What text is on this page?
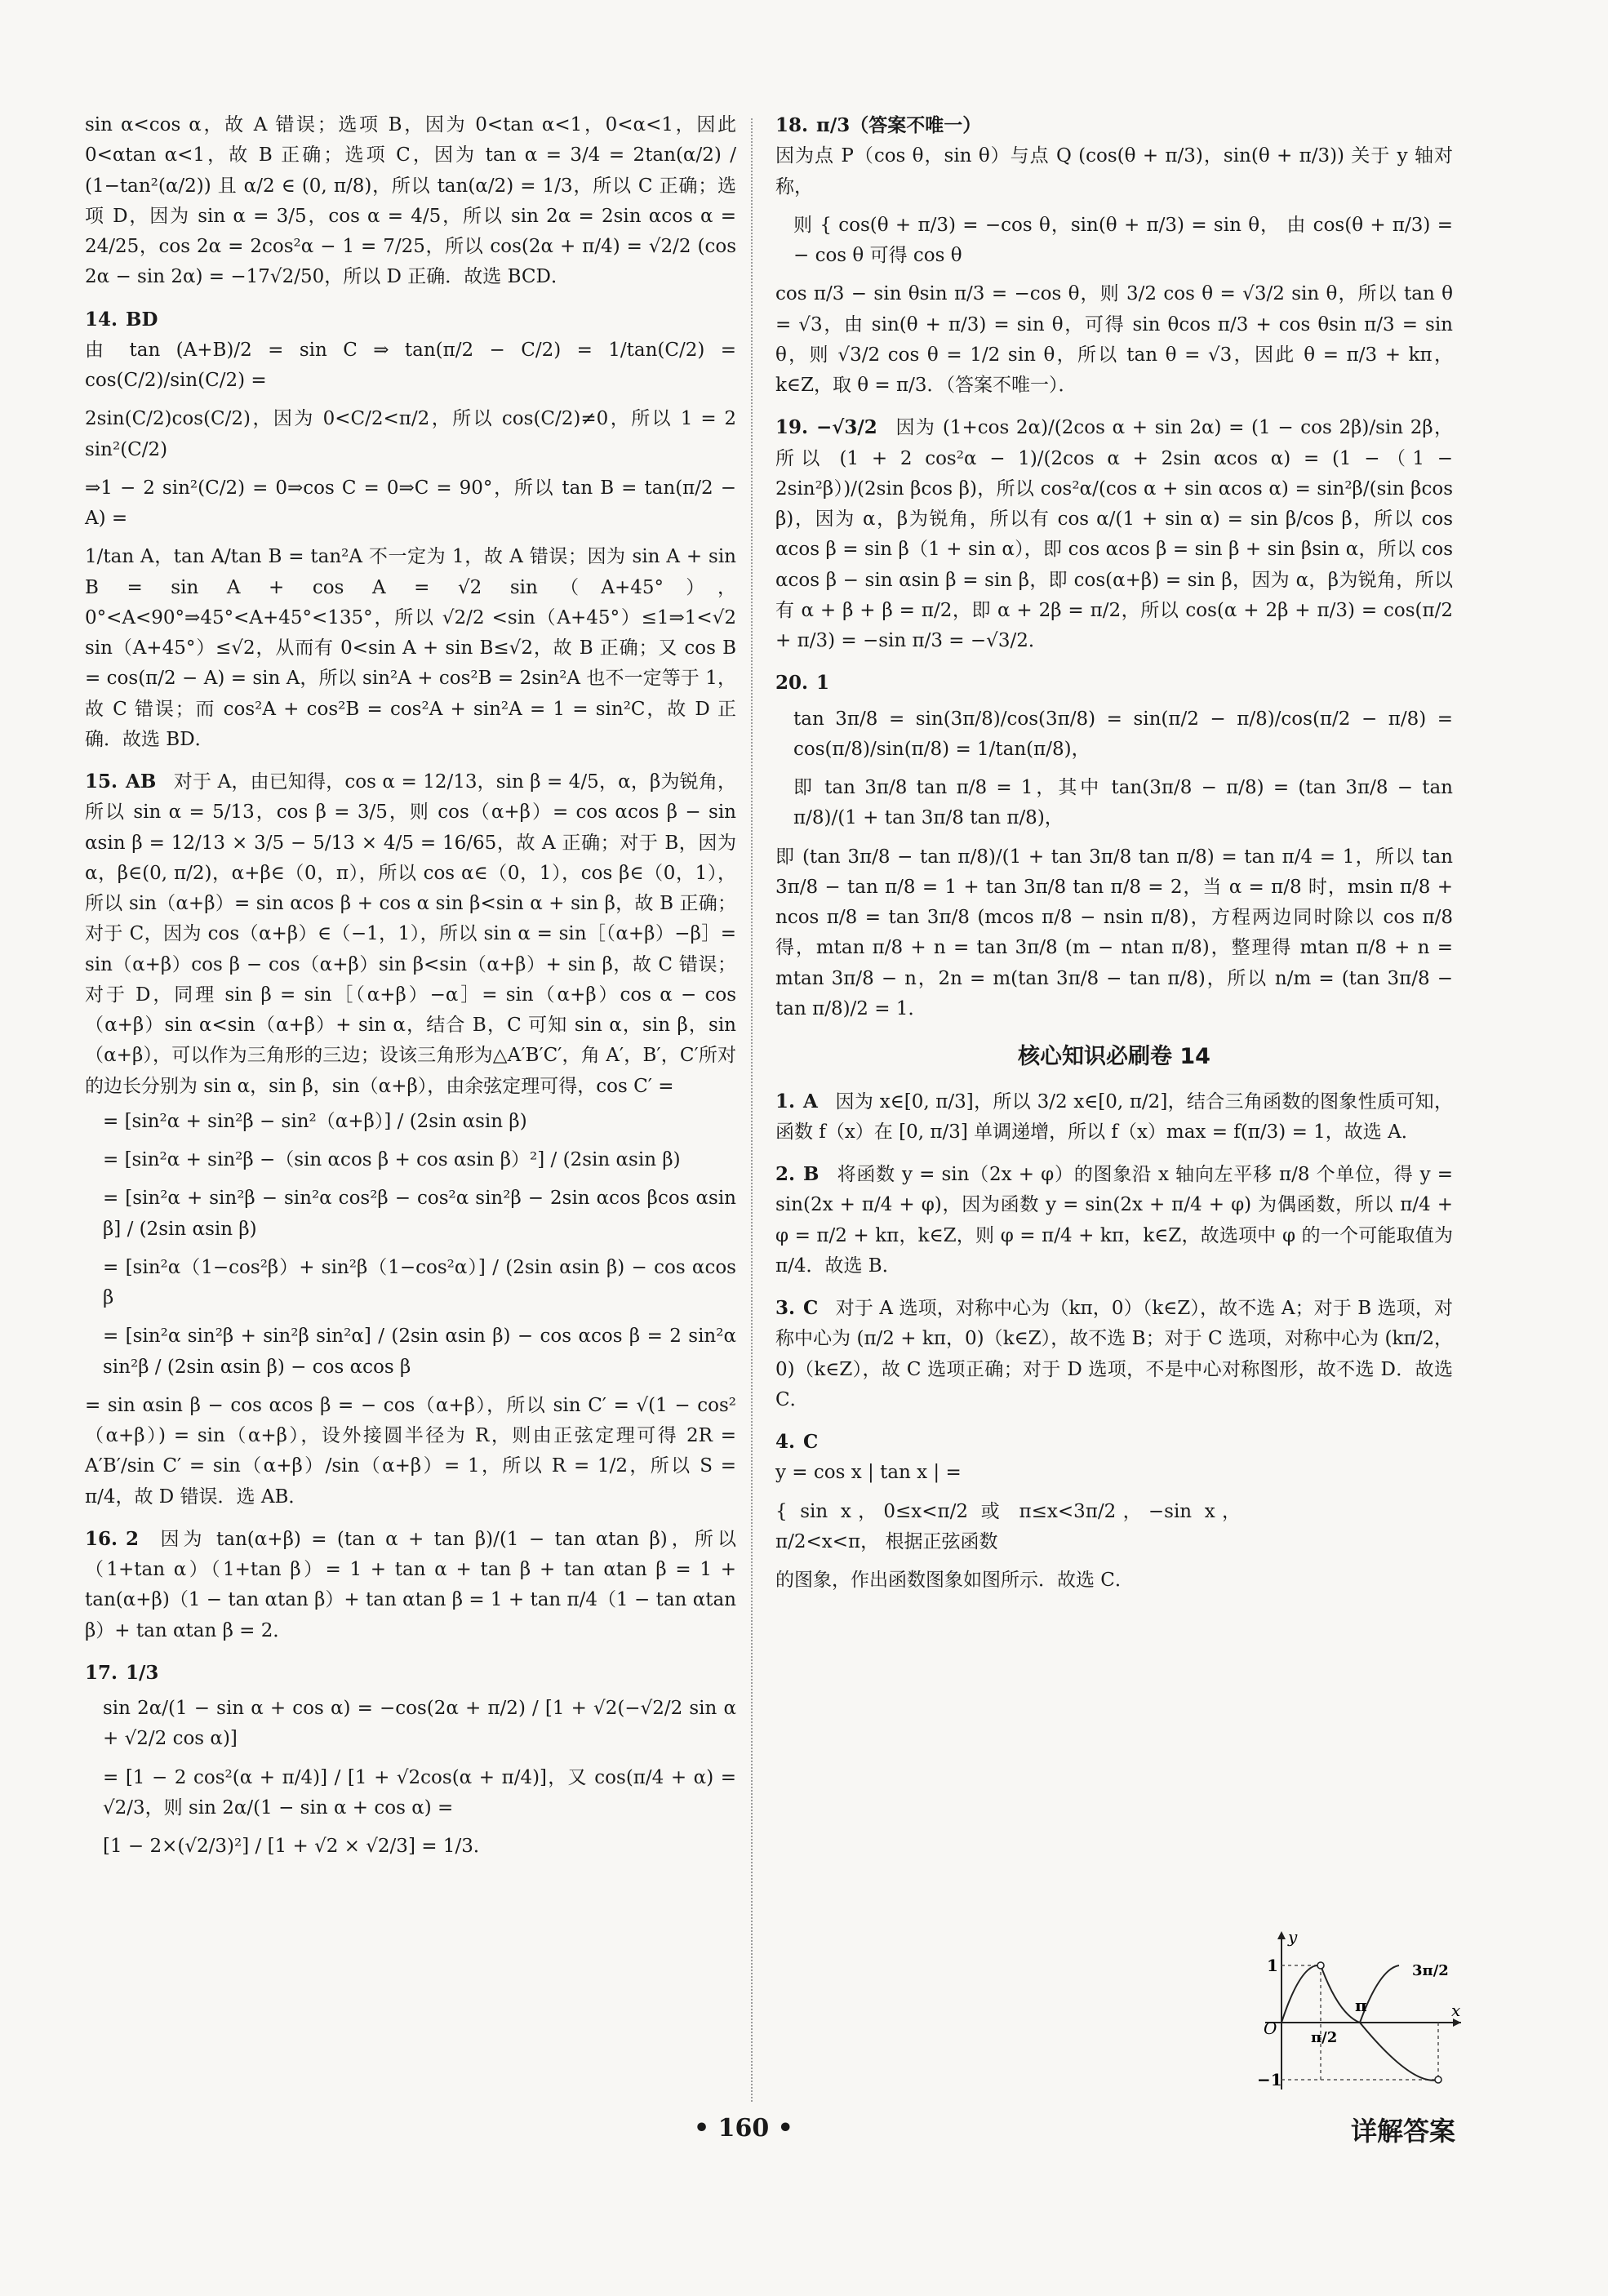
sin α<cos α，故 A 错误；选项 B，因为 0<tan α<1，0<α<1，因此 0<αtan α<1，故 B 正确；选项 C，因为 tan α = 3/4 = 2tan(α/2) / (1−tan²(α/2)) 且 α/2 ∈ (0, π/8)，所以 tan(α/2) = 1/3，所以 C 正确；选项 D，因为 sin α = 3/5，cos α = 4/5，所以 sin 2α = 2sin αcos α = 24/25，cos 2α = 2cos²α − 1 = 7/25，所以 cos(2α + π/4) = √2/2 (cos 2α − sin 2α) = −17√2/50，所以 D 正确．故选 BCD．

14. BD
由 tan (A+B)/2 = sin C ⇒ tan(π/2 − C/2) = 1/tan(C/2) = cos(C/2)/sin(C/2) =
2sin(C/2)cos(C/2)，因为 0<C/2<π/2，所以 cos(C/2)≠0，所以 1 = 2 sin²(C/2)
⇒1 − 2 sin²(C/2) = 0⇒cos C = 0⇒C = 90°，所以 tan B = tan(π/2 − A) =
1/tan A，tan A/tan B = tan²A 不一定为 1，故 A 错误；因为 sin A + sin B = sin A + cos A = √2 sin（A+45°），0°<A<90°⇒45°<A+45°<135°，所以 √2/2 <sin（A+45°）≤1⇒1<√2 sin（A+45°）≤√2，从而有 0<sin A + sin B≤√2，故 B 正确；又 cos B = cos(π/2 − A) = sin A，所以 sin²A + cos²B = 2sin²A 也不一定等于 1，故 C 错误；而 cos²A + cos²B = cos²A + sin²A = 1 = sin²C，故 D 正确．故选 BD．
15. AB 对于 A，由已知得，cos α = 12/13，sin β = 4/5，α，β为锐角，所以 sin α = 5/13，cos β = 3/5，则 cos（α+β）= cos αcos β − sin αsin β = 12/13 × 3/5 − 5/13 × 4/5 = 16/65，故 A 正确；对于 B，因为 α，β∈(0, π/2)，α+β∈（0，π），所以 cos α∈（0，1），cos β∈（0，1），所以 sin（α+β）= sin αcos β + cos α sin β<sin α + sin β，故 B 正确；对于 C，因为 cos（α+β）∈（−1，1），所以 sin α = sin［（α+β）−β］= sin（α+β）cos β − cos（α+β）sin β<sin（α+β）+ sin β，故 C 错误；对于 D，同理 sin β = sin［（α+β）−α］= sin（α+β）cos α − cos（α+β）sin α<sin（α+β）+ sin α，结合 B，C 可知 sin α，sin β，sin（α+β），可以作为三角形的三边；设该三角形为△A′B′C′，角 A′，B′，C′所对的边长分别为 sin α，sin β，sin（α+β），由余弦定理可得，cos C′ =
= [sin²α + sin²β − sin²（α+β）] / (2sin αsin β)
= [sin²α + sin²β −（sin αcos β + cos αsin β）²] / (2sin αsin β)
= [sin²α + sin²β − sin²α cos²β − cos²α sin²β − 2sin αcos βcos αsin β] / (2sin αsin β)
= [sin²α（1−cos²β）+ sin²β（1−cos²α）] / (2sin αsin β) − cos αcos β
= [sin²α sin²β + sin²β sin²α] / (2sin αsin β) − cos αcos β = 2 sin²α sin²β / (2sin αsin β) − cos αcos β
= sin αsin β − cos αcos β = − cos（α+β），所以 sin C′ = √(1 − cos²（α+β）) = sin（α+β），设外接圆半径为 R，则由正弦定理可得 2R = A′B′/sin C′ = sin（α+β）/sin（α+β）= 1，所以 R = 1/2，所以 S = π/4，故 D 错误．选 AB．
16. 2 因为 tan(α+β) = (tan α + tan β)/(1 − tan αtan β)，所以（1+tan α）（1+tan β）= 1 + tan α + tan β + tan αtan β = 1 + tan(α+β)（1 − tan αtan β）+ tan αtan β = 1 + tan π/4（1 − tan αtan β）+ tan αtan β = 2．
17. 1/3
sin 2α/(1 − sin α + cos α) = −cos(2α + π/2) / [1 + √2(−√2/2 sin α + √2/2 cos α)]
= [1 − 2 cos²(α + π/4)] / [1 + √2cos(α + π/4)]，又 cos(π/4 + α) = √2/3，则 sin 2α/(1 − sin α + cos α) =
[1 − 2×(√2/3)²] / [1 + √2 × √2/3] = 1/3．
18. π/3（答案不唯一）
因为点 P（cos θ，sin θ）与点 Q (cos(θ + π/3)，sin(θ + π/3)) 关于 y 轴对称，
则 { cos(θ + π/3) = −cos θ，sin(θ + π/3) = sin θ， 由 cos(θ + π/3) = − cos θ 可得 cos θ
cos π/3 − sin θsin π/3 = −cos θ，则 3/2 cos θ = √3/2 sin θ，所以 tan θ = √3，由 sin(θ + π/3) = sin θ，可得 sin θcos π/3 + cos θsin π/3 = sin θ，则 √3/2 cos θ = 1/2 sin θ，所以 tan θ = √3，因此 θ = π/3 + kπ，k∈Z，取 θ = π/3．（答案不唯一）．
19. −√3/2 因为 (1+cos 2α)/(2cos α + sin 2α) = (1 − cos 2β)/sin 2β，所以 (1 + 2 cos²α − 1)/(2cos α + 2sin αcos α) = (1 −（1 − 2sin²β）)/(2sin βcos β)，所以 cos²α/(cos α + sin αcos α) = sin²β/(sin βcos β)，因为 α，β为锐角，所以有 cos α/(1 + sin α) = sin β/cos β，所以 cos αcos β = sin β（1 + sin α），即 cos αcos β = sin β + sin βsin α，所以 cos αcos β − sin αsin β = sin β，即 cos(α+β) = sin β，因为 α，β为锐角，所以有 α + β + β = π/2，即 α + 2β = π/2，所以 cos(α + 2β + π/3) = cos(π/2 + π/3) = −sin π/3 = −√3/2．
20. 1
tan 3π/8 = sin(3π/8)/cos(3π/8) = sin(π/2 − π/8)/cos(π/2 − π/8) = cos(π/8)/sin(π/8) = 1/tan(π/8)，
即 tan 3π/8 tan π/8 = 1，其中 tan(3π/8 − π/8) = (tan 3π/8 − tan π/8)/(1 + tan 3π/8 tan π/8)，
即 (tan 3π/8 − tan π/8)/(1 + tan 3π/8 tan π/8) = tan π/4 = 1，所以 tan 3π/8 − tan π/8 = 1 + tan 3π/8 tan π/8 = 2，当 α = π/8 时，msin π/8 + ncos π/8 = tan 3π/8 (mcos π/8 − nsin π/8)，方程两边同时除以 cos π/8 得，mtan π/8 + n = tan 3π/8 (m − ntan π/8)，整理得 mtan π/8 + n = mtan 3π/8 − n，2n = m(tan 3π/8 − tan π/8)，所以 n/m = (tan 3π/8 − tan π/8)/2 = 1．
核心知识必刷卷 14
1. A 因为 x∈[0, π/3]，所以 3/2 x∈[0, π/2]，结合三角函数的图象性质可知，函数 f（x）在 [0, π/3] 单调递增，所以 f（x）max = f(π/3) = 1，故选 A．
2. B 将函数 y = sin（2x + φ）的图象沿 x 轴向左平移 π/8 个单位，得 y = sin(2x + π/4 + φ)，因为函数 y = sin(2x + π/4 + φ) 为偶函数，所以 π/4 + φ = π/2 + kπ，k∈Z，则 φ = π/4 + kπ，k∈Z，故选项中 φ 的一个可能取值为 π/4．故选 B．
3. C 对于 A 选项，对称中心为（kπ，0）（k∈Z），故不选 A；对于 B 选项，对称中心为 (π/2 + kπ，0)（k∈Z），故不选 B；对于 C 选项，对称中心为 (kπ/2，0)（k∈Z），故 C 选项正确；对于 D 选项，不是中心对称图形，故不选 D．故选 C．
4. C
y = cos x | tan x | =
{ sin x，0≤x<π/2 或 π≤x<3π/2，−sin x，π/2<x<π， 根据正弦函数
的图象，作出函数图象如图所示．故选 C．
y
x
O
1
−1
π/2
π
3π/2
• 160 •	详解答案
